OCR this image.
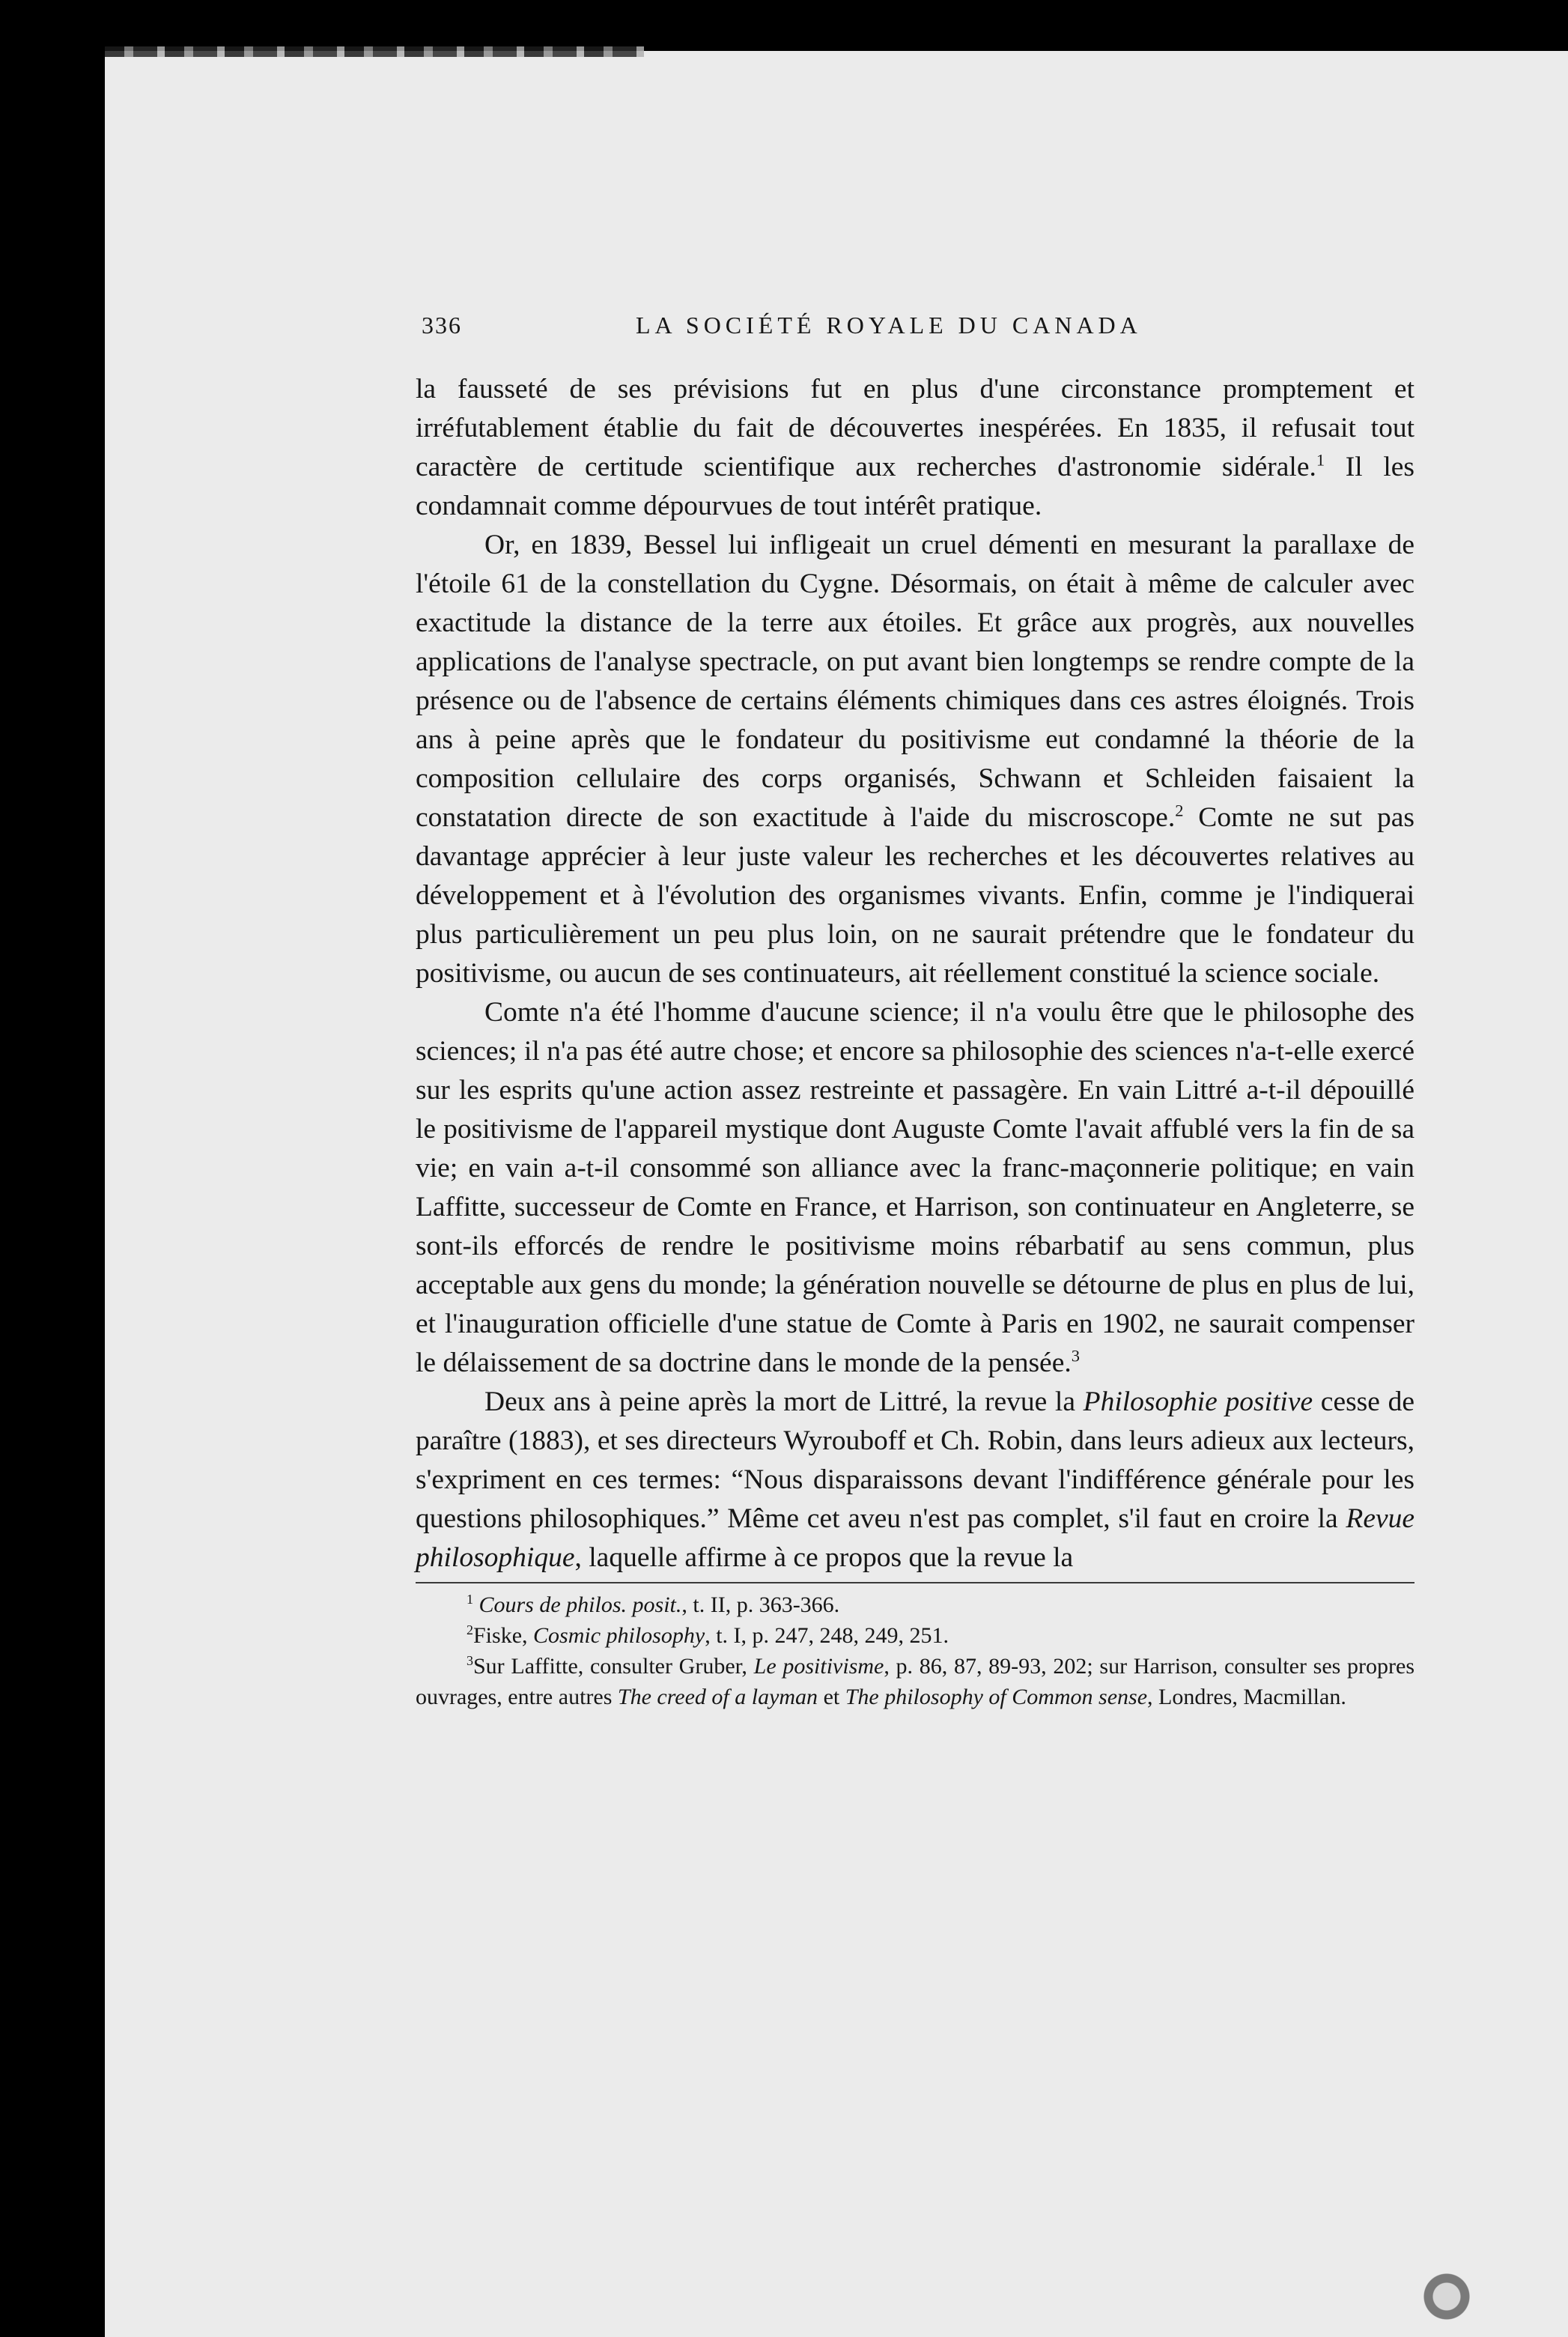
336	LA SOCIÉTÉ ROYALE DU CANADA

la fausseté de ses prévisions fut en plus d'une circonstance promptement et irréfutablement établie du fait de découvertes inespérées. En 1835, il refusait tout caractère de certitude scientifique aux recherches d'astronomie sidérale.$^1$ Il les condamnait comme dépourvues de tout intérêt pratique.

Or, en 1839, Bessel lui infligeait un cruel démenti en mesurant la parallaxe de l'étoile 61 de la constellation du Cygne. Désormais, on était à même de calculer avec exactitude la distance de la terre aux étoiles. Et grâce aux progrès, aux nouvelles applications de l'analyse spectracle, on put avant bien longtemps se rendre compte de la présence ou de l'absence de certains éléments chimiques dans ces astres éloignés. Trois ans à peine après que le fondateur du positivisme eut condamné la théorie de la composition cellulaire des corps organisés, Schwann et Schleiden faisaient la constatation directe de son exactitude à l'aide du miscroscope.$^2$ Comte ne sut pas davantage apprécier à leur juste valeur les recherches et les découvertes relatives au développement et à l'évolution des organismes vivants. Enfin, comme je l'indiquerai plus particulièrement un peu plus loin, on ne saurait prétendre que le fondateur du positivisme, ou aucun de ses continuateurs, ait réellement constitué la science sociale.

Comte n'a été l'homme d'aucune science; il n'a voulu être que le philosophe des sciences; il n'a pas été autre chose; et encore sa philosophie des sciences n'a-t-elle exercé sur les esprits qu'une action assez restreinte et passagère. En vain Littré a-t-il dépouillé le positivisme de l'appareil mystique dont Auguste Comte l'avait affublé vers la fin de sa vie; en vain a-t-il consommé son alliance avec la franc-maçonnerie politique; en vain Laffitte, successeur de Comte en France, et Harrison, son continuateur en Angleterre, se sont-ils efforcés de rendre le positivisme moins rébarbatif au sens commun, plus acceptable aux gens du monde; la génération nouvelle se détourne de plus en plus de lui, et l'inauguration officielle d'une statue de Comte à Paris en 1902, ne saurait compenser le délaissement de sa doctrine dans le monde de la pensée.$^3$

Deux ans à peine après la mort de Littré, la revue la Philosophie positive cesse de paraître (1883), et ses directeurs Wyrouboff et Ch. Robin, dans leurs adieux aux lecteurs, s'expriment en ces termes: “Nous disparaissons devant l'indifférence générale pour les questions philosophiques.” Même cet aveu n'est pas complet, s'il faut en croire la Revue philosophique, laquelle affirme à ce propos que la revue la

$^1$ Cours de philos. posit., t. II, p. 363-366.

$^2$Fiske, Cosmic philosophy, t. I, p. 247, 248, 249, 251.

$^3$Sur Laffitte, consulter Gruber, Le positivisme, p. 86, 87, 89-93, 202; sur Harrison, consulter ses propres ouvrages, entre autres The creed of a layman et The philosophy of Common sense, Londres, Macmillan.
